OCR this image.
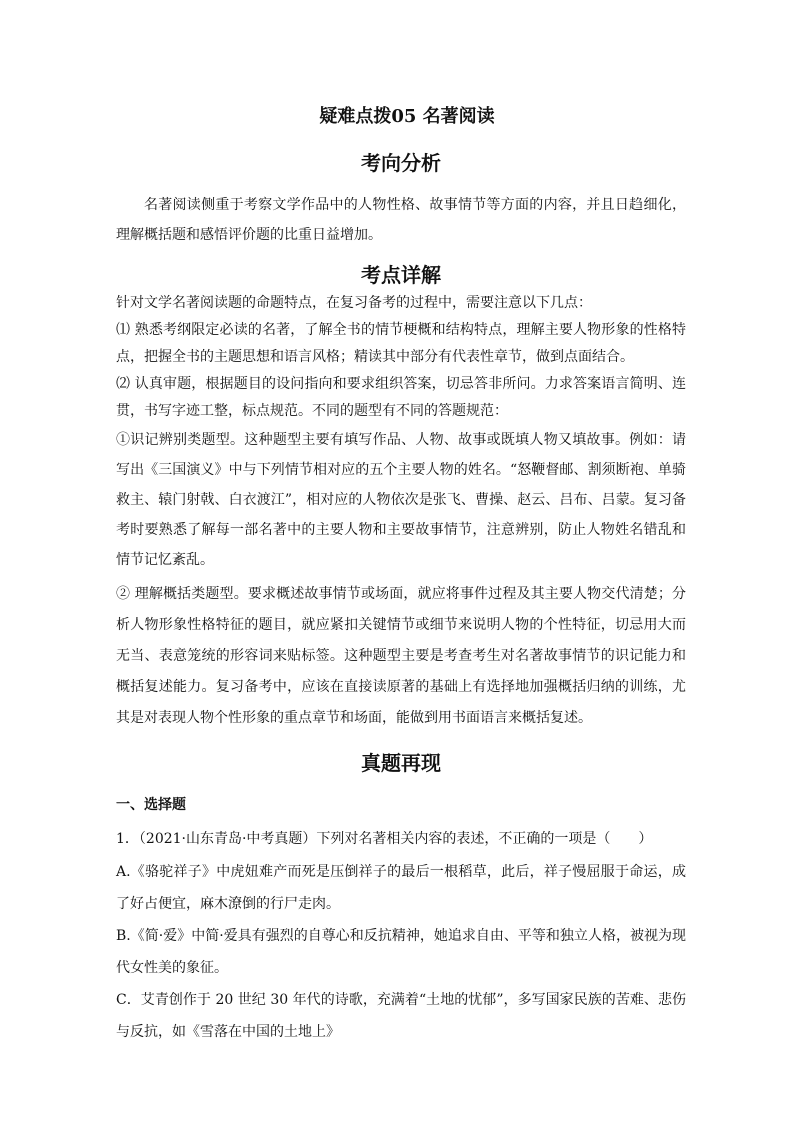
疑难点拨05 名著阅读
考向分析

名著阅读侧重于考察文学作品中的人物性格、故事情节等方面的内容，并且日趋细化，理解概括题和感悟评价题的比重日益增加。

考点详解

针对文学名著阅读题的命题特点，在复习备考的过程中，需要注意以下几点：

⑴ 熟悉考纲限定必读的名著，了解全书的情节梗概和结构特点，理解主要人物形象的性格特点，把握全书的主题思想和语言风格；精读其中部分有代表性章节，做到点面结合。

⑵ 认真审题，根据题目的设问指向和要求组织答案，切忌答非所问。力求答案语言简明、连贯，书写字迹工整，标点规范。不同的题型有不同的答题规范：

①识记辨别类题型。这种题型主要有填写作品、人物、故事或既填人物又填故事。例如：请写出《三国演义》中与下列情节相对应的五个主要人物的姓名。“怒鞭督邮、割须断袍、单骑救主、辕门射戟、白衣渡江”，相对应的人物依次是张飞、曹操、赵云、吕布、吕蒙。复习备考时要熟悉了解每一部名著中的主要人物和主要故事情节，注意辨别，防止人物姓名错乱和情节记忆紊乱。

② 理解概括类题型。要求概述故事情节或场面，就应将事件过程及其主要人物交代清楚；分析人物形象性格特征的题目，就应紧扣关键情节或细节来说明人物的个性特征，切忌用大而无当、表意笼统的形容词来贴标签。这种题型主要是考查考生对名著故事情节的识记能力和概括复述能力。复习备考中，应该在直接读原著的基础上有选择地加强概括归纳的训练，尤其是对表现人物个性形象的重点章节和场面，能做到用书面语言来概括复述。

真题再现

一、选择题

1．（2021·山东青岛·中考真题）下列对名著相关内容的表述，不正确的一项是（　　）

A.《骆驼祥子》中虎妞难产而死是压倒祥子的最后一根稻草，此后，祥子慢屈服于命运，成了好占便宜，麻木潦倒的行尸走肉。

B.《简·爱》中简·爱具有强烈的自尊心和反抗精神，她追求自由、平等和独立人格，被视为现代女性美的象征。

C．艾青创作于 20 世纪 30 年代的诗歌，充满着“土地的忧郁”，多写国家民族的苦难、悲伤与反抗，如《雪落在中国的土地上》
